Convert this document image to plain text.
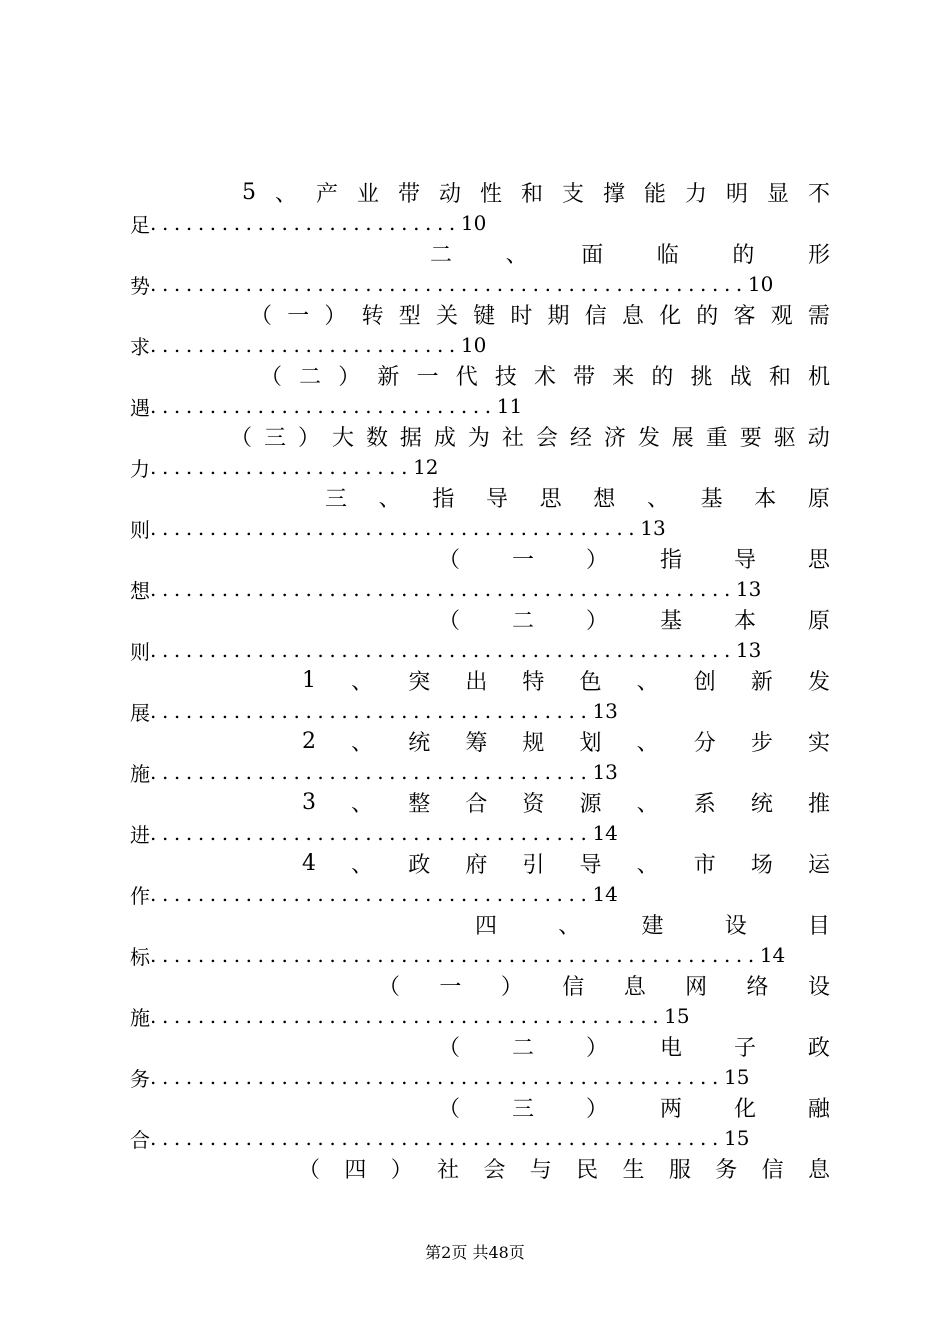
5 、 产 业 带 动 性 和 支 撑 能 力 明 显 不
足 .......................... 10
二 、 面 临 的 形
势 .................................................. 10
（ 一 ） 转 型 关 键 时 期 信 息 化 的 客 观 需
求 .......................... 10
（ 二 ） 新 一 代 技 术 带 来 的 挑 战 和 机
遇 ............................. 11
（ 三 ） 大 数 据 成 为 社 会 经 济 发 展 重 要 驱 动
力 ...................... 12
三 、 指 导 思 想 、 基 本 原
则 ......................................... 13
（ 一 ） 指 导 思
想 ................................................. 13
（ 二 ） 基 本 原
则 ................................................. 13
1 、 突 出 特 色 、 创 新 发
展 ..................................... 13
2 、 统 筹 规 划 、 分 步 实
施 ..................................... 13
3 、 整 合 资 源 、 系 统 推
进 ..................................... 14
4 、 政 府 引 导 、 市 场 运
作 ..................................... 14
四	、	建	设	目
标 ................................................... 14
（ 一 ） 信 息 网 络 设
施 ........................................... 15
（ 二 ） 电 子 政
务 ................................................ 15
（ 三 ） 两 化 融
合 ................................................ 15
（ 四 ） 社 会 与 民 生 服 务 信 息
第2页 共48页
